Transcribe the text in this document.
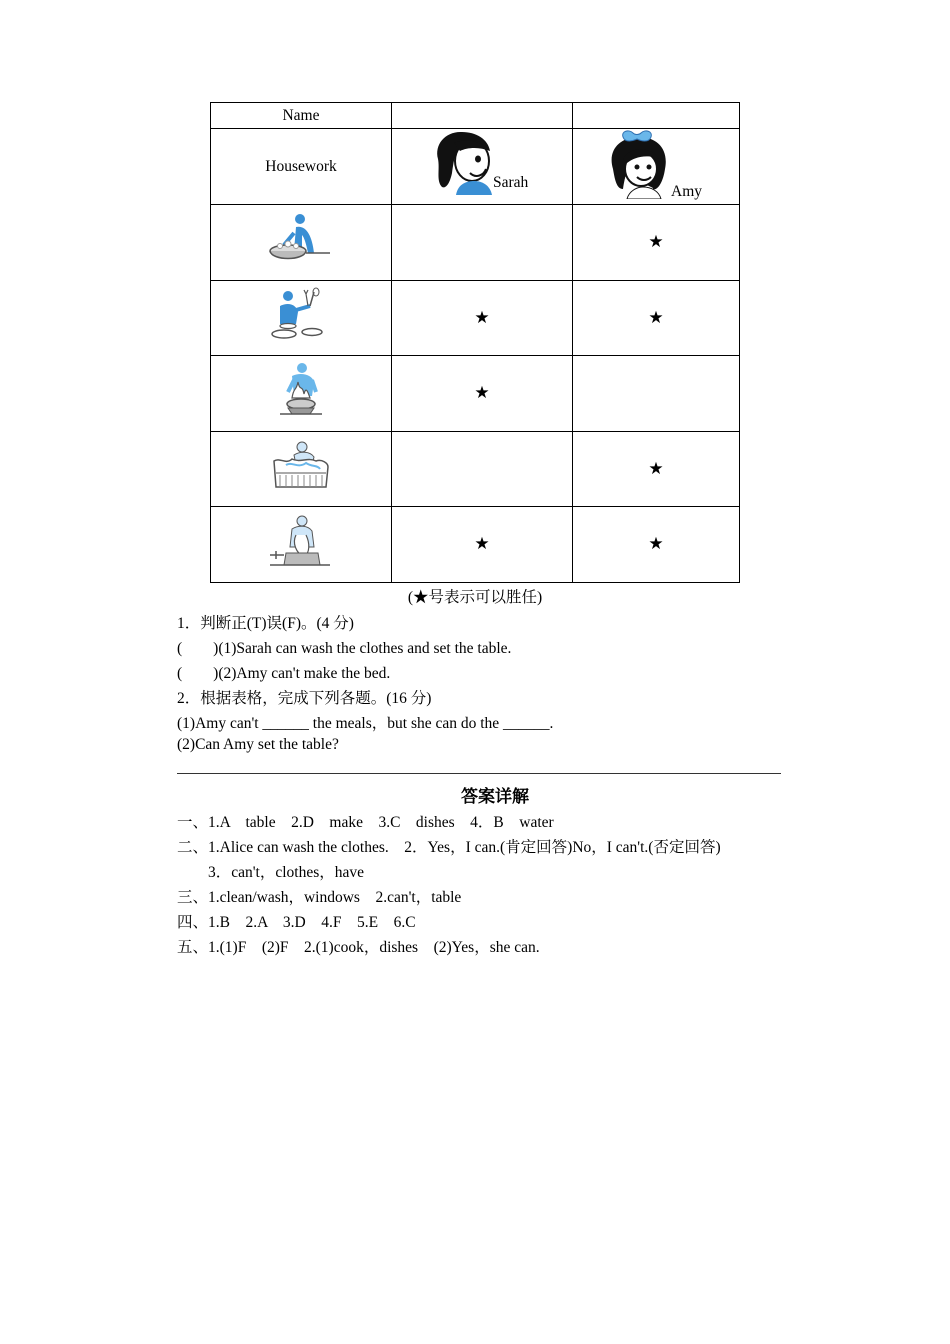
Name		
Housework	Sarah	Amy

		★
	★	★
	★	
		★
	★	★
(★号表示可以胜任)
1．判断正(T)误(F)。(4 分)
(　　)(1)Sarah can wash the clothes and set the table.
(　　)(2)Amy can't make the bed.
2．根据表格，完成下列各题。(16 分)
(1)Amy can't ______ the meals，but she can do the ______.
(2)Can Amy set the table?
答案详解
一、1.A　table　2.D　make　3.C　dishes　4．B　water
二、1.Alice can wash the clothes.　2．Yes，I can.(肯定回答)No，I can't.(否定回答)
　　3．can't，clothes，have
三、1.clean/wash，windows　2.can't，table
四、1.B　2.A　3.D　4.F　5.E　6.C
五、1.(1)F　(2)F　2.(1)cook，dishes　(2)Yes，she can.
